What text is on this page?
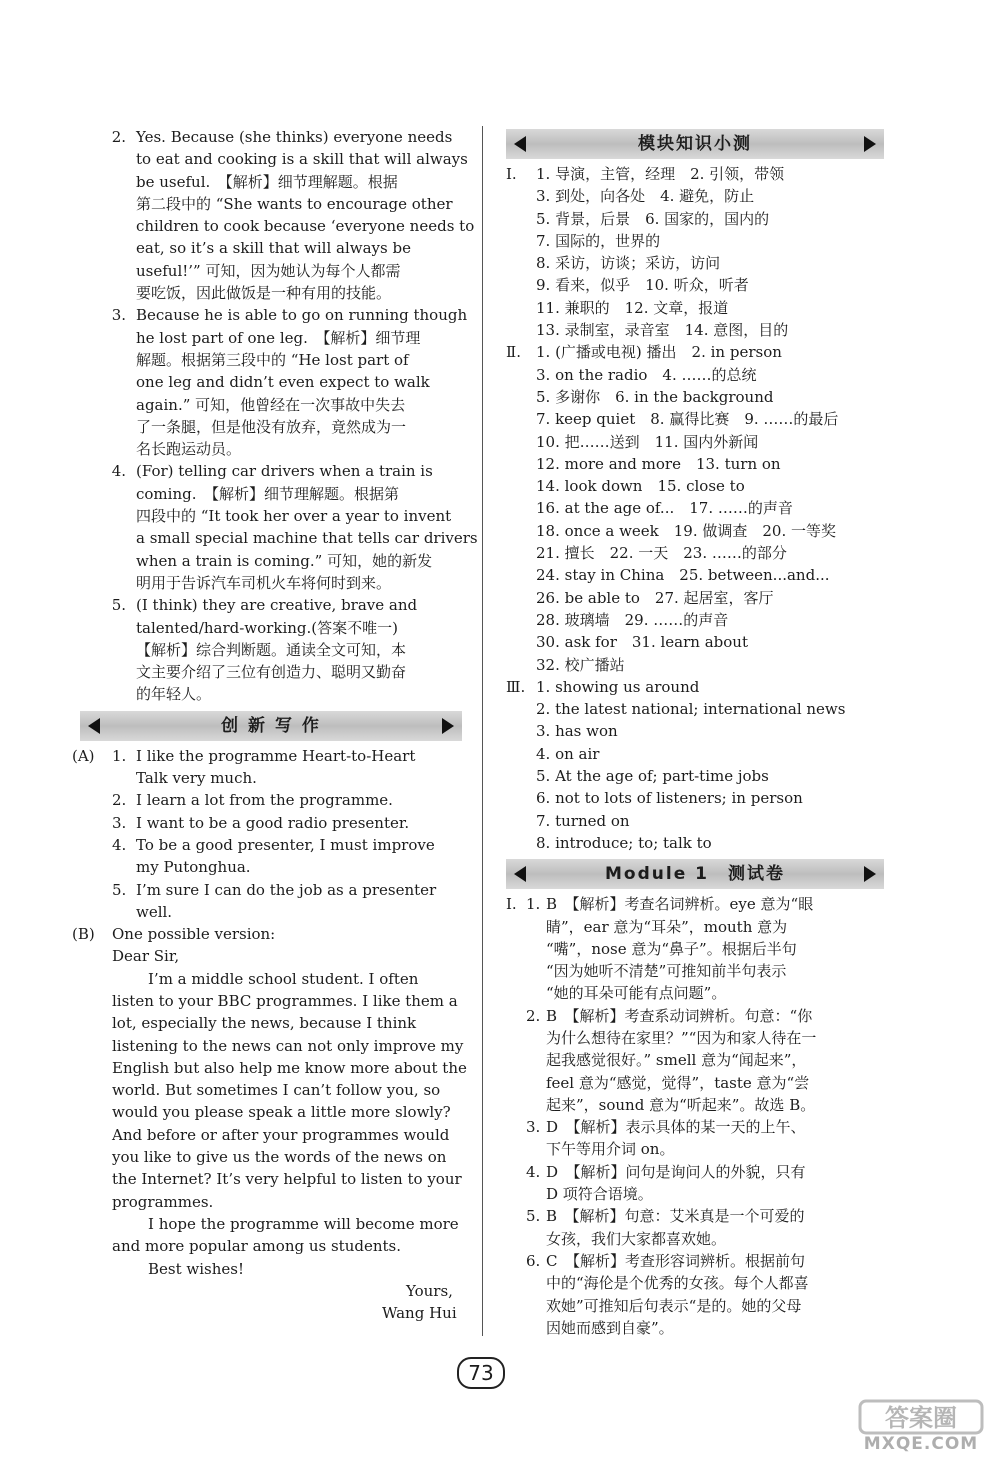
2. Yes. Because (she thinks) everyone needs
to eat and cooking is a skill that will always
be useful.　【解析】细节理解题。根据
第二段中的 “She wants to encourage other
children to cook because ‘everyone needs to
eat, so it’s a skill that will always be
useful!’” 可知，因为她认为每个人都需
要吃饭，因此做饭是一种有用的技能。
3. Because he is able to go on running though
he lost part of one leg.　【解析】细节理
解题。根据第三段中的 “He lost part of
one leg and didn’t even expect to walk
again.” 可知，他曾经在一次事故中失去
了一条腿，但是他没有放弃，竟然成为一
名长跑运动员。
4. (For) telling car drivers when a train is
coming.　【解析】细节理解题。根据第
四段中的 “It took her over a year to invent
a small special machine that tells car drivers
when a train is coming.” 可知，她的新发
明用于告诉汽车司机火车将何时到来。
5. (I think) they are creative, brave and
talented/hard-working.(答案不唯一)
【解析】综合判断题。通读全文可知，本
文主要介绍了三位有创造力、聪明又勤奋
的年轻人。
创 新 写 作
(A)	1. I like the programme Heart-to-Heart
Talk very much.
2. I learn a lot from the programme.
3. I want to be a good radio presenter.
4. To be a good presenter, I must improve
my Putonghua.
5. I’m sure I can do the job as a presenter
well.
(B)	One possible version:
Dear Sir,
I’m a middle school student. I often
listen to your BBC programmes. I like them a
lot, especially the news, because I think
listening to the news can not only improve my
English but also help me know more about the
world. But sometimes I can’t follow you, so
would you please speak a little more slowly?
And before or after your programmes would
you like to give us the words of the news on
the Internet? It’s very helpful to listen to your
programmes.
I hope the programme will become more
and more popular among us students.
Best wishes!
Yours,
Wang Hui
模块知识小测
Ⅰ.	1. 导演，主管，经理　2. 引领，带领
3. 到处，向各处　4. 避免，防止
5. 背景，后景　6. 国家的，国内的
7. 国际的，世界的
8. 采访，访谈；采访，访问
9. 看来，似乎　10. 听众，听者
11. 兼职的　12. 文章，报道
13. 录制室，录音室　14. 意图，目的
Ⅱ.	1. (广播或电视) 播出　2. in person
3. on the radio　4. ……的总统
5. 多谢你　6. in the background
7. keep quiet　8. 赢得比赛　9. ……的最后
10. 把……送到　11. 国内外新闻
12. more and more　13. turn on
14. look down　15. close to
16. at the age of...　17. ……的声音
18. once a week　19. 做调查　20. 一等奖
21. 擅长　22. 一天　23. ……的部分
24. stay in China　25. between...and...
26. be able to　27. 起居室，客厅
28. 玻璃墙　29. ……的声音
30. ask for　31. learn about
32. 校广播站
Ⅲ. 1. showing us around
2. the latest national; international news
3. has won
4. on air
5. At the age of; part-time jobs
6. not to lots of listeners; in person
7. turned on
8. introduce; to; talk to
Module 1　测试卷
Ⅰ. 1. B　【解析】考查名词辨析。eye 意为“眼
睛”，ear 意为“耳朵”，mouth 意为
“嘴”，nose 意为“鼻子”。根据后半句
“因为她听不清楚”可推知前半句表示
“她的耳朵可能有点问题”。
2. B　【解析】考查系动词辨析。句意：“你
为什么想待在家里？”“因为和家人待在一
起我感觉很好。” smell 意为“闻起来”，
feel 意为“感觉，觉得”，taste 意为“尝
起来”，sound 意为“听起来”。故选 B。
3. D　【解析】表示具体的某一天的上午、
下午等用介词 on。
4. D　【解析】问句是询问人的外貌，只有
D 项符合语境。
5. B　【解析】句意：艾米真是一个可爱的
女孩，我们大家都喜欢她。
6. C　【解析】考查形容词辨析。根据前句
中的“海伦是个优秀的女孩。每个人都喜
欢她”可推知后句表示“是的。她的父母
因她而感到自豪”。
73
答案圈
MXQE.COM
